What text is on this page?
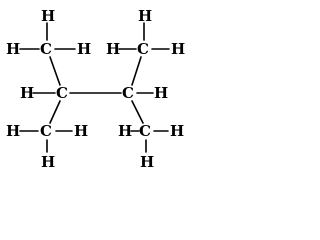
H
H C H
H
H C H
H C	C H
H C H
H
H C H
H
